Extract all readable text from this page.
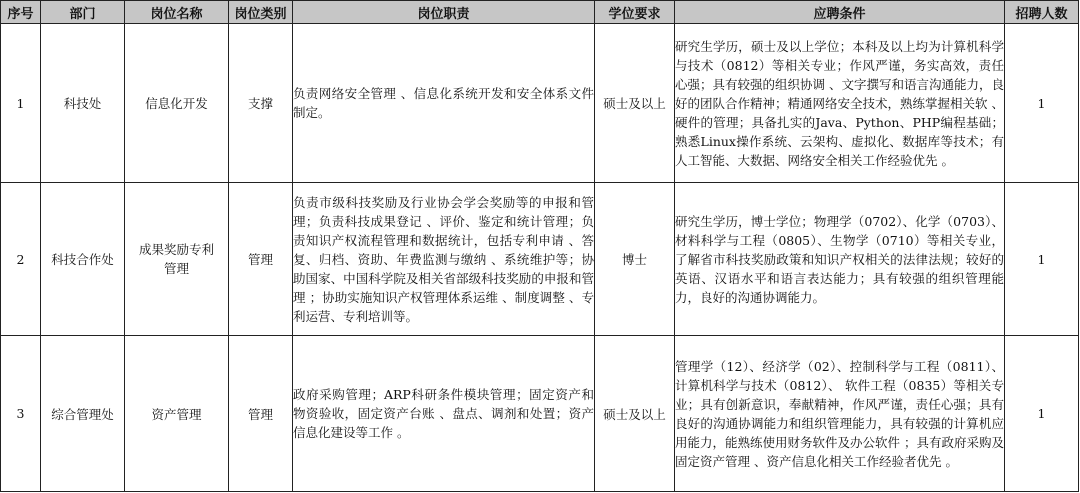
序号	部门	岗位名称	岗位类别	岗位职责	学位要求	应聘条件	招聘人数
1	科技处	信息化开发	支撑	负责网络安全管理 、信息化系统开发和安全体系文件制定。	硕士及以上	研究生学历，硕士及以上学位；本科及以上均为计算机科学与技术（0812）等相关专业；作风严谨，务实高效，责任心强；具有较强的组织协调 、文字撰写和语言沟通能力，良好的团队合作精神；精通网络安全技术，熟练掌握相关软 、硬件的管理；具备扎实的Java、Python、PHP编程基础；熟悉Linux操作系统、云架构、虚拟化、数据库等技术；有人工智能、大数据、网络安全相关工作经验优先 。	1
2	科技合作处	成果奖励专利管理	管理	负责市级科技奖励及行业协会学会奖励等的申报和管理；负责科技成果登记 、评价、鉴定和统计管理；负责知识产权流程管理和数据统计，包括专利申请 、答复、归档、资助、年费监测与缴纳 、系统维护等；协助国家、中国科学院及相关省部级科技奖励的申报和管理 ；协助实施知识产权管理体系运维 、制度调整 、专利运营、专利培训等。	博士	研究生学历，博士学位；物理学（0702）、化学（0703）、材料科学与工程（0805）、生物学（0710）等相关专业，了解省市科技奖励政策和知识产权相关的法律法规；较好的英语、汉语水平和语言表达能力；具有较强的组织管理能力，良好的沟通协调能力。	1
3	综合管理处	资产管理	管理	政府采购管理；ARP科研条件模块管理；固定资产和物资验收，固定资产台账 、盘点、调剂和处置；资产信息化建设等工作 。	硕士及以上	管理学（12）、经济学（02）、控制科学与工程（0811）、 计算机科学与技术（0812）、 软件工程（0835）等相关专业；具有创新意识，奉献精神，作风严谨，责任心强；具有良好的沟通协调能力和组织管理能力，具有较强的计算机应用能力，能熟练使用财务软件及办公软件 ；具有政府采购及固定资产管理 、资产信息化相关工作经验者优先 。	1
